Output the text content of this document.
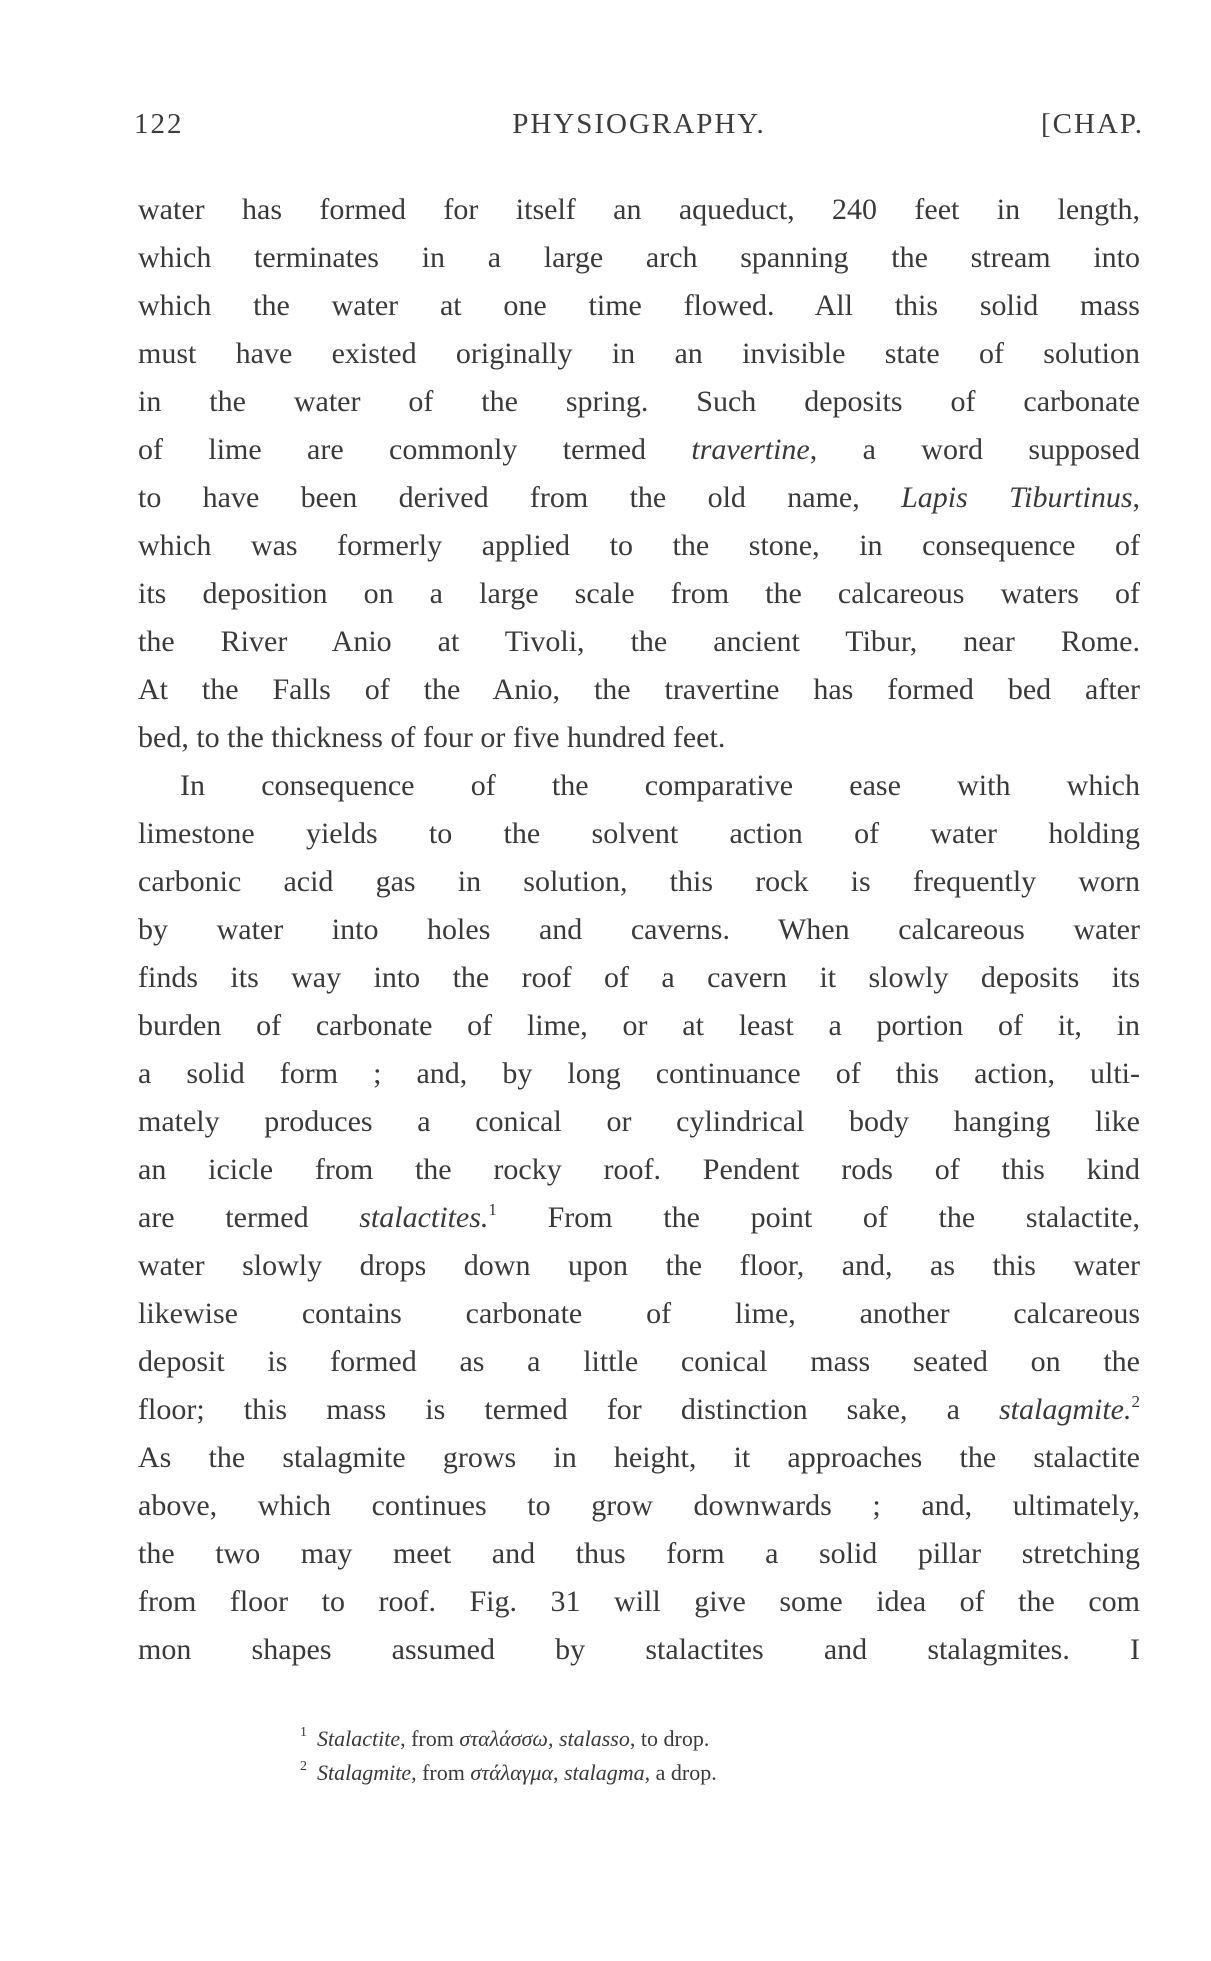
122	PHYSIOGRAPHY.	[CHAP.
water has formed for itself an aqueduct, 240 feet in length,
which terminates in a large arch spanning the stream into
which the water at one time flowed. All this solid mass
must have existed originally in an invisible state of solution
in the water of the spring. Such deposits of carbonate
of lime are commonly termed travertine, a word supposed
to have been derived from the old name, Lapis Tiburtinus,
which was formerly applied to the stone, in consequence of
its deposition on a large scale from the calcareous waters of
the River Anio at Tivoli, the ancient Tibur, near Rome.
At the Falls of the Anio, the travertine has formed bed after
bed, to the thickness of four or five hundred feet.
In consequence of the comparative ease with which
limestone yields to the solvent action of water holding
carbonic acid gas in solution, this rock is frequently worn
by water into holes and caverns. When calcareous water
finds its way into the roof of a cavern it slowly deposits its
burden of carbonate of lime, or at least a portion of it, in
a solid form ; and, by long continuance of this action, ulti-
mately produces a conical or cylindrical body hanging like
an icicle from the rocky roof. Pendent rods of this kind
are termed stalactites.$^1$ From the point of the stalactite,
water slowly drops down upon the floor, and, as this water
likewise contains carbonate of lime, another calcareous
deposit is formed as a little conical mass seated on the
floor; this mass is termed for distinction sake, a stalagmite.$^2$
As the stalagmite grows in height, it approaches the stalactite
above, which continues to grow downwards ; and, ultimately,
the two may meet and thus form a solid pillar stretching
from floor to roof. Fig. 31 will give some idea of the com
mon shapes assumed by stalactites and stalagmites. I
$^1$ Stalactite, from σταλάσσω, stalasso, to drop.
$^2$ Stalagmite, from στάλαγμα, stalagma, a drop.
